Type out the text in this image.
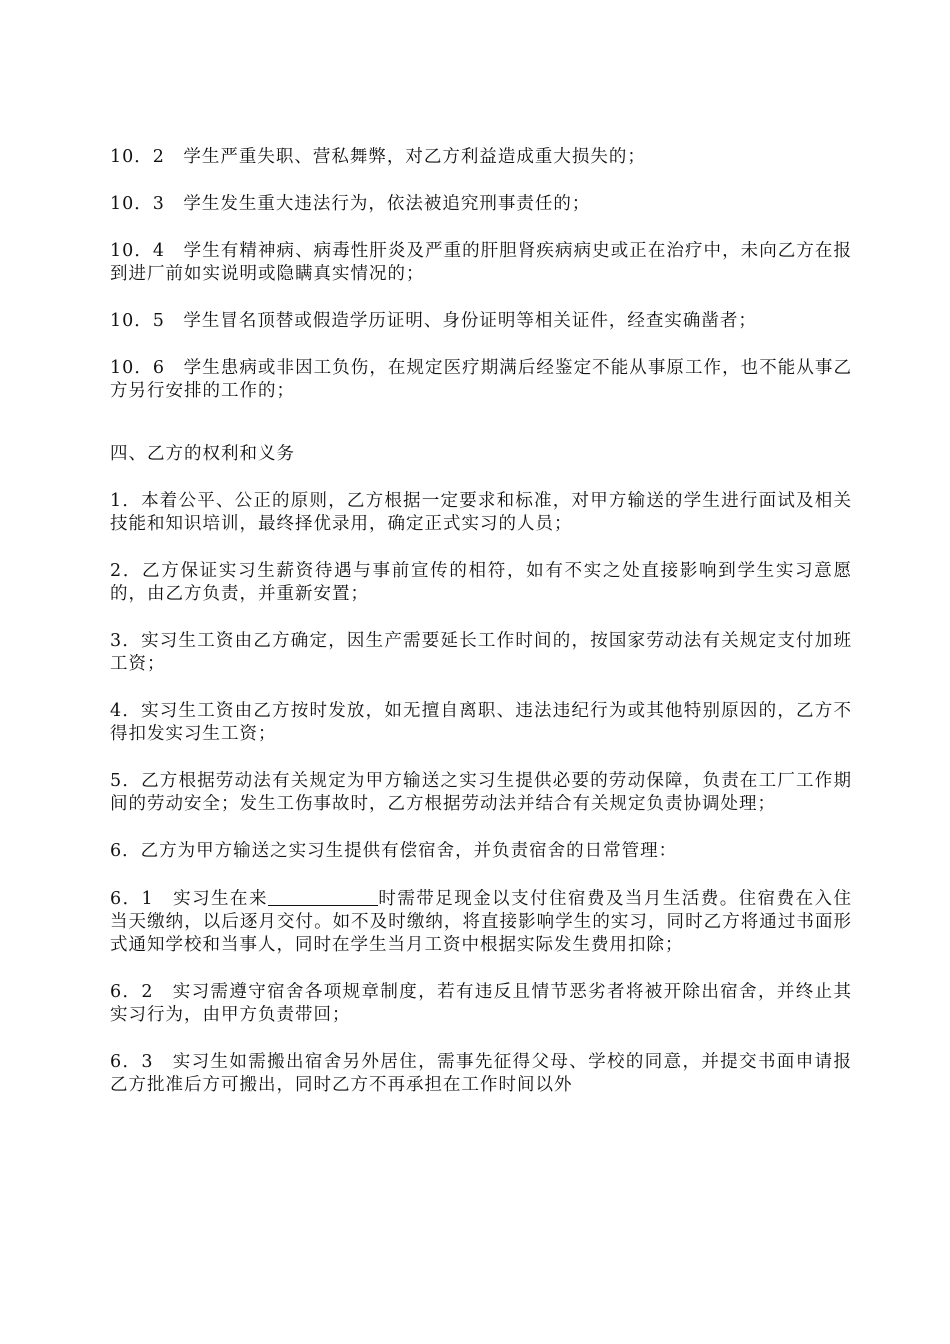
10．2　学生严重失职、营私舞弊，对乙方利益造成重大损失的；

10．3　学生发生重大违法行为，依法被追究刑事责任的；

10．4　学生有精神病、病毒性肝炎及严重的肝胆肾疾病病史或正在治疗中，未向乙方在报到进厂前如实说明或隐瞒真实情况的；

10．5　学生冒名顶替或假造学历证明、身份证明等相关证件，经查实确凿者；

10．6　学生患病或非因工负伤，在规定医疗期满后经鉴定不能从事原工作，也不能从事乙方另行安排的工作的；

四、乙方的权利和义务

1．本着公平、公正的原则，乙方根据一定要求和标准，对甲方输送的学生进行面试及相关技能和知识培训，最终择优录用，确定正式实习的人员；

2．乙方保证实习生薪资待遇与事前宣传的相符，如有不实之处直接影响到学生实习意愿的，由乙方负责，并重新安置；

3．实习生工资由乙方确定，因生产需要延长工作时间的，按国家劳动法有关规定支付加班工资；

4．实习生工资由乙方按时发放，如无擅自离职、违法违纪行为或其他特别原因的，乙方不得扣发实习生工资；

5．乙方根据劳动法有关规定为甲方输送之实习生提供必要的劳动保障，负责在工厂工作期间的劳动安全；发生工伤事故时，乙方根据劳动法并结合有关规定负责协调处理；

6．乙方为甲方输送之实习生提供有偿宿舍，并负责宿舍的日常管理：

6．1　实习生在来	时需带足现金以支付住宿费及当月生活费。住宿费在入住当天缴纳，以后逐月交付。如不及时缴纳，将直接影响学生的实习，同时乙方将通过书面形式通知学校和当事人，同时在学生当月工资中根据实际发生费用扣除；

6．2　实习需遵守宿舍各项规章制度，若有违反且情节恶劣者将被开除出宿舍，并终止其实习行为，由甲方负责带回；

6．3　实习生如需搬出宿舍另外居住，需事先征得父母、学校的同意，并提交书面申请报乙方批准后方可搬出，同时乙方不再承担在工作时间以外
